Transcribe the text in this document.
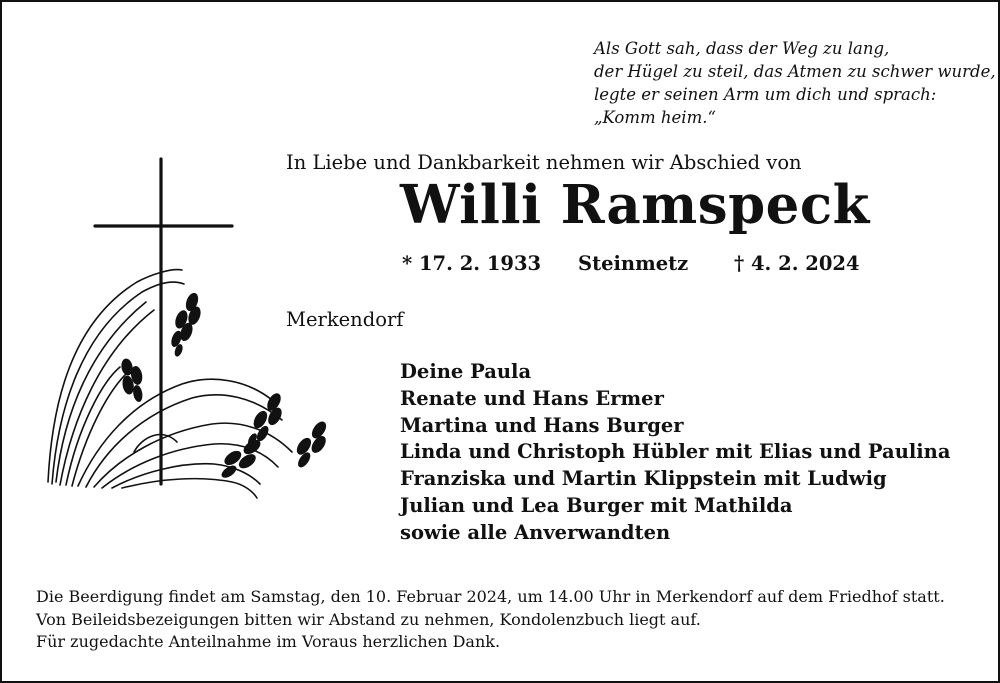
Als Gott sah, dass der Weg zu lang,
der Hügel zu steil, das Atmen zu schwer wurde,
legte er seinen Arm um dich und sprach:
„Komm heim.“
In Liebe und Dankbarkeit nehmen wir Abschied von
Willi Ramspeck
* 17. 2. 1933 Steinmetz † 4. 2. 2024
Merkendorf
Deine Paula
Renate und Hans Ermer
Martina und Hans Burger
Linda und Christoph Hübler mit Elias und Paulina
Franziska und Martin Klippstein mit Ludwig
Julian und Lea Burger mit Mathilda
sowie alle Anverwandten
Die Beerdigung findet am Samstag, den 10. Februar 2024, um 14.00 Uhr in Merkendorf auf dem Friedhof statt.
Von Beileidsbezeigungen bitten wir Abstand zu nehmen, Kondolenzbuch liegt auf.
Für zugedachte Anteilnahme im Voraus herzlichen Dank.
